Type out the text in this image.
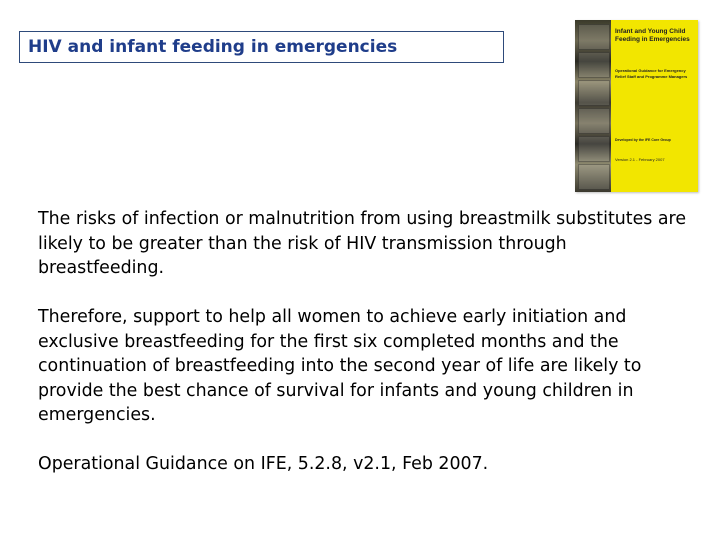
HIV and infant feeding in emergencies
Infant and Young Child Feeding in Emergencies
Operational Guidance for Emergency Relief Staff and Programme Managers
Developed by the IFE Core Group
Version 2.1 - February 2007

The risks of infection or malnutrition from using breastmilk substitutes are likely to be greater than the risk of HIV transmission through breastfeeding.

Therefore, support to help all women to achieve early initiation and exclusive breastfeeding for the first six completed months and the continuation of breastfeeding into the second year of life are likely to provide the best chance of survival for infants and young children in emergencies.

Operational Guidance on IFE, 5.2.8, v2.1, Feb 2007.
